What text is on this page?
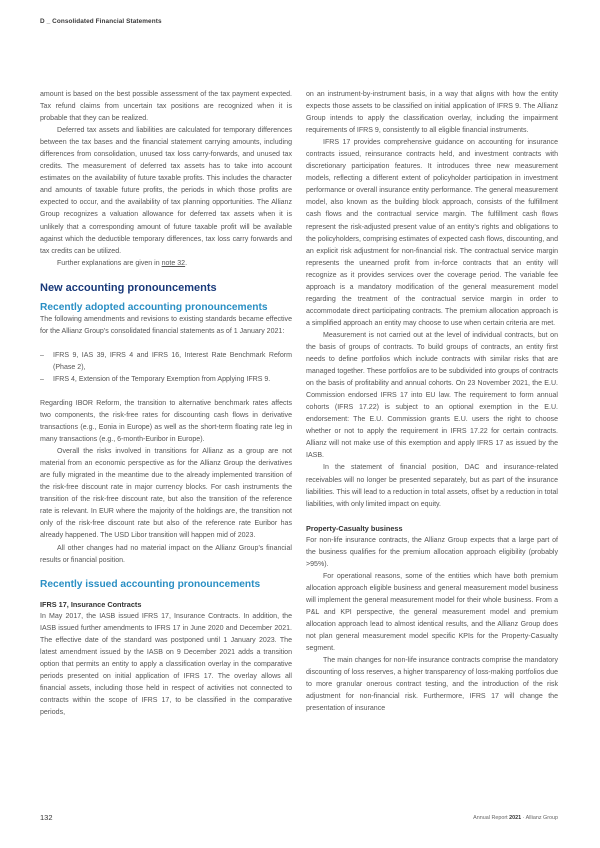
D _ Consolidated Financial Statements

amount is based on the best possible assessment of the tax payment expected. Tax refund claims from uncertain tax positions are recognized when it is probable that they can be realized.

Deferred tax assets and liabilities are calculated for temporary differences between the tax bases and the financial statement carrying amounts, including differences from consolidation, unused tax loss carry-forwards, and unused tax credits. The measurement of deferred tax assets has to take into account estimates on the availability of future taxable profits. This includes the character and amounts of taxable future profits, the periods in which those profits are expected to occur, and the availability of tax planning opportunities. The Allianz Group recognizes a valuation allowance for deferred tax assets when it is unlikely that a corresponding amount of future taxable profit will be available against which the deductible temporary differences, tax loss carry forwards and tax credits can be utilized.

Further explanations are given in note 32.

New accounting pronouncements
Recently adopted accounting pronouncements

The following amendments and revisions to existing standards became effective for the Allianz Group’s consolidated financial statements as of 1 January 2021:

– IFRS 9, IAS 39, IFRS 4 and IFRS 16, Interest Rate Benchmark Reform (Phase 2),
– IFRS 4, Extension of the Temporary Exemption from Applying IFRS 9.

Regarding IBOR Reform, the transition to alternative benchmark rates affects two components, the risk-free rates for discounting cash flows in derivative transactions (e.g., Eonia in Europe) as well as the short-term floating rate leg in many transactions (e.g., 6-month-Euribor in Europe).

Overall the risks involved in transitions for Allianz as a group are not material from an economic perspective as for the Allianz Group the derivatives are fully migrated in the meantime due to the already implemented transition of the risk-free discount rate in major currency blocks. For cash instruments the transition of the risk-free discount rate, but also the transition of the reference rate is relevant. In EUR where the majority of the holdings are, the transition not only of the risk-free discount rate but also of the reference rate Euribor has already happened. The USD Libor transition will happen mid of 2023.

All other changes had no material impact on the Allianz Group’s financial results or financial position.

Recently issued accounting pronouncements
IFRS 17, Insurance Contracts

In May 2017, the IASB issued IFRS 17, Insurance Contracts. In addition, the IASB issued further amendments to IFRS 17 in June 2020 and December 2021. The effective date of the standard was postponed until 1 January 2023. The latest amendment issued by the IASB on 9 December 2021 adds a transition option that permits an entity to apply a classification overlay in the comparative periods presented on initial application of IFRS 17. The overlay allows all financial assets, including those held in respect of activities not connected to contracts within the scope of IFRS 17, to be classified in the comparative periods,

on an instrument-by-instrument basis, in a way that aligns with how the entity expects those assets to be classified on initial application of IFRS 9. The Allianz Group intends to apply the classification overlay, including the impairment requirements of IFRS 9, consistently to all eligible financial instruments.

IFRS 17 provides comprehensive guidance on accounting for insurance contracts issued, reinsurance contracts held, and investment contracts with discretionary participation features. It introduces three new measurement models, reflecting a different extent of policyholder participation in investment performance or overall insurance entity performance. The general measurement model, also known as the building block approach, consists of the fulfillment cash flows and the contractual service margin. The fulfillment cash flows represent the risk-adjusted present value of an entity’s rights and obligations to the policyholders, comprising estimates of expected cash flows, discounting, and an explicit risk adjustment for non-financial risk. The contractual service margin represents the unearned profit from in-force contracts that an entity will recognize as it provides services over the coverage period. The variable fee approach is a mandatory modification of the general measurement model regarding the treatment of the contractual service margin in order to accommodate direct participating contracts. The premium allocation approach is a simplified approach an entity may choose to use when certain criteria are met.

Measurement is not carried out at the level of individual contracts, but on the basis of groups of contracts. To build groups of contracts, an entity first needs to define portfolios which include contracts with similar risks that are managed together. These portfolios are to be subdivided into groups of contracts on the basis of profitability and annual cohorts. On 23 November 2021, the E.U. Commission endorsed IFRS 17 into EU law. The requirement to form annual cohorts (IFRS 17.22) is subject to an optional exemption in the E.U. endorsement: The E.U. Commission grants E.U. users the right to choose whether or not to apply the requirement in IFRS 17.22 for certain contracts. Allianz will not make use of this exemption and apply IFRS 17 as issued by the IASB.

In the statement of financial position, DAC and insurance-related receivables will no longer be presented separately, but as part of the insurance liabilities. This will lead to a reduction in total assets, offset by a reduction in total liabilities, with only limited impact on equity.

Property-Casualty business

For non-life insurance contracts, the Allianz Group expects that a large part of the business qualifies for the premium allocation approach eligibility (probably >95%).

For operational reasons, some of the entities which have both premium allocation approach eligible business and general measurement model business will implement the general measurement model for their whole business. From a P&L and KPI perspective, the general measurement model and premium allocation approach lead to almost identical results, and the Allianz Group does not plan general measurement model specific KPIs for the Property-Casualty segment.

The main changes for non-life insurance contracts comprise the mandatory discounting of loss reserves, a higher transparency of loss-making portfolios due to more granular onerous contract testing, and the introduction of the risk adjustment for non-financial risk. Furthermore, IFRS 17 will change the presentation of insurance

132	Annual Report 2021 · Allianz Group
